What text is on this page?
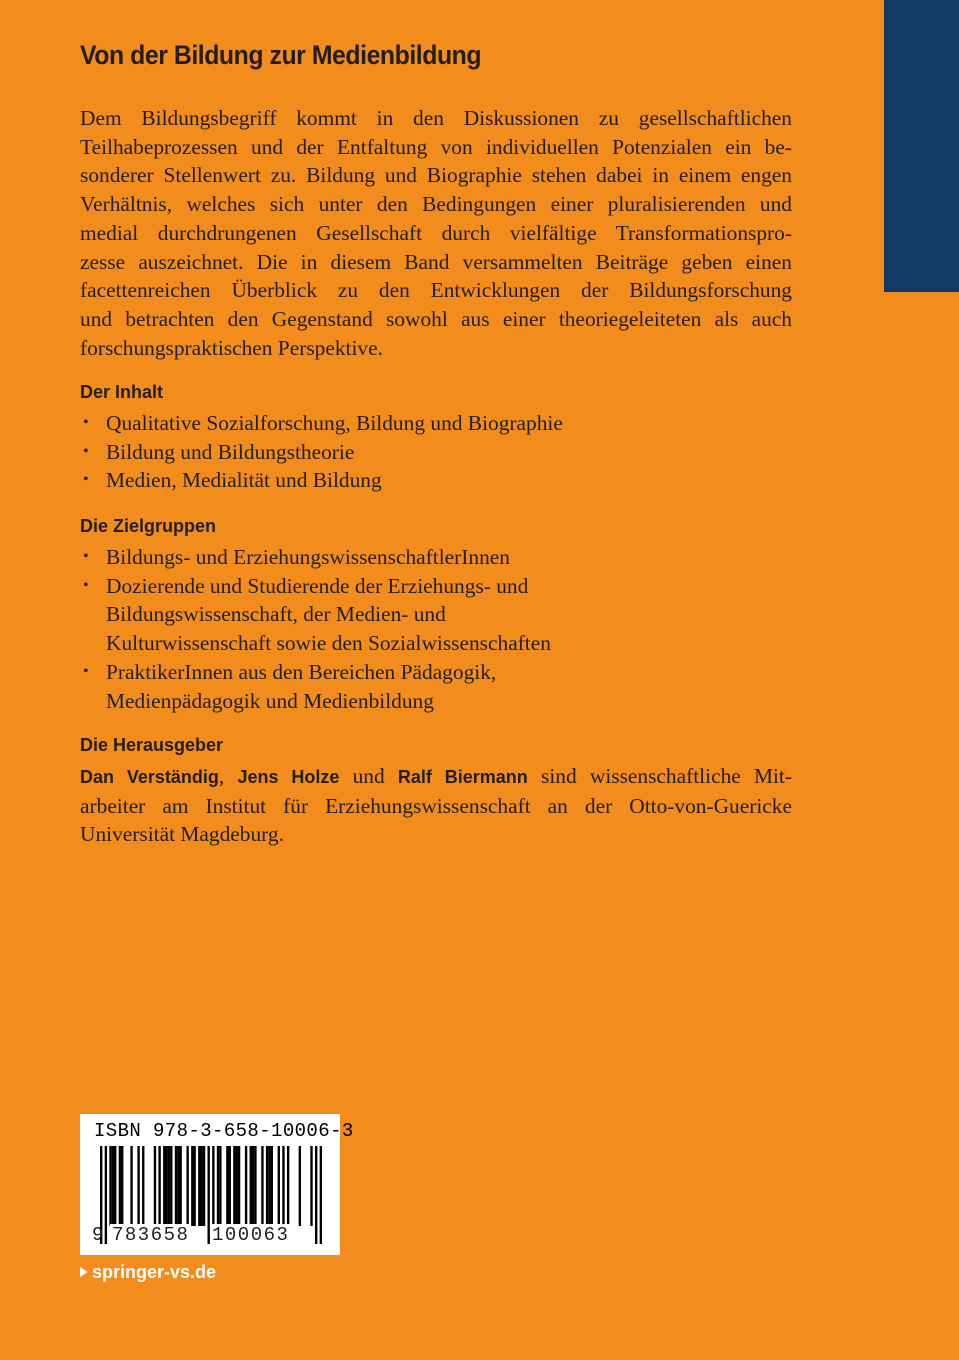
Von der Bildung zur Medienbildung
Dem Bildungsbegriff kommt in den Diskussionen zu gesellschaftlichen
Teilhabeprozessen und der Entfaltung von individuellen Potenzialen ein be-
sonderer Stellenwert zu. Bildung und Biographie stehen dabei in einem engen
Verhältnis, welches sich unter den Bedingungen einer pluralisierenden und
medial durchdrungenen Gesellschaft durch vielfältige Transformationspro-
zesse auszeichnet. Die in diesem Band versammelten Beiträge geben einen
facettenreichen Überblick zu den Entwicklungen der Bildungsforschung
und betrachten den Gegenstand sowohl aus einer theoriegeleiteten als auch
forschungspraktischen Perspektive.
Der Inhalt
• Qualitative Sozialforschung, Bildung und Biographie
• Bildung und Bildungstheorie
• Medien, Medialität und Bildung
Die Zielgruppen
• Bildungs- und ErziehungswissenschaftlerInnen
• Dozierende und Studierende der Erziehungs- und
Bildungswissenschaft, der Medien- und
Kulturwissenschaft sowie den Sozialwissenschaften
• PraktikerInnen aus den Bereichen Pädagogik,
Medienpädagogik und Medienbildung
Die Herausgeber
Dan Verständig, Jens Holze und Ralf Biermann sind wissenschaftliche Mit-
arbeiter am Institut für Erziehungswissenschaft an der Otto-von-Guericke
Universität Magdeburg.
ISBN 978-3-658-10006-3
9 783658 100063
springer-vs.de
